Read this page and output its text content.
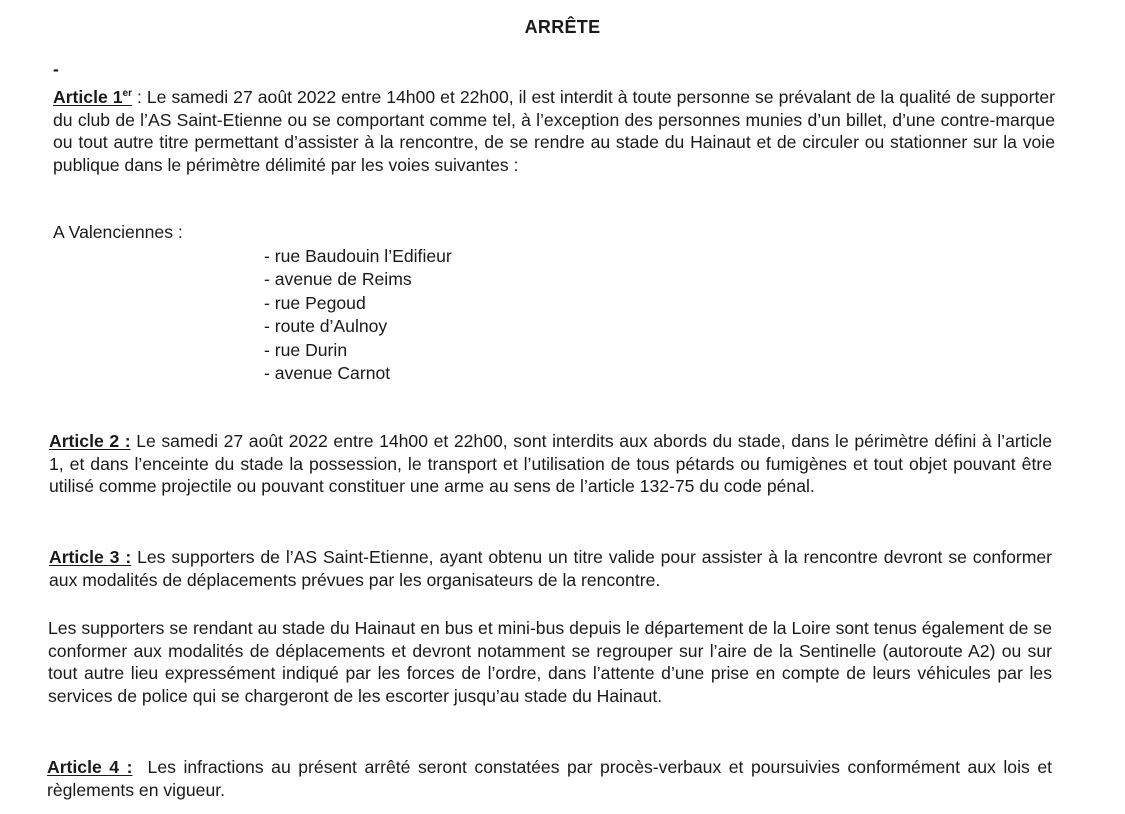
ARRÊTE
-
Article 1er : Le samedi 27 août 2022 entre 14h00 et 22h00, il est interdit à toute personne se prévalant de la qualité de supporter du club de l’AS Saint-Etienne ou se comportant comme tel, à l’exception des personnes munies d’un billet, d’une contre-marque ou tout autre titre permettant d’assister à la rencontre, de se rendre au stade du Hainaut et de circuler ou stationner sur la voie publique dans le périmètre délimité par les voies suivantes :
A Valenciennes :
- rue Baudouin l’Edifieur
- avenue de Reims
- rue Pegoud
- route d’Aulnoy
- rue Durin
- avenue Carnot
Article 2 : Le samedi 27 août 2022 entre 14h00 et 22h00, sont interdits aux abords du stade, dans le périmètre défini à l’article 1, et dans l’enceinte du stade la possession, le transport et l’utilisation de tous pétards ou fumigènes et tout objet pouvant être utilisé comme projectile ou pouvant constituer une arme au sens de l’article 132-75 du code pénal.
Article 3 : Les supporters de l’AS Saint-Etienne, ayant obtenu un titre valide pour assister à la rencontre devront se conformer aux modalités de déplacements prévues par les organisateurs de la rencontre.
Les supporters se rendant au stade du Hainaut en bus et mini-bus depuis le département de la Loire sont tenus également de se conformer aux modalités de déplacements et devront notamment se regrouper sur l’aire de la Sentinelle (autoroute A2) ou sur tout autre lieu expressément indiqué par les forces de l’ordre, dans l’attente d’une prise en compte de leurs véhicules par les services de police qui se chargeront de les escorter jusqu’au stade du Hainaut.
Article 4 : Les infractions au présent arrêté seront constatées par procès-verbaux et poursuivies conformément aux lois et règlements en vigueur.
